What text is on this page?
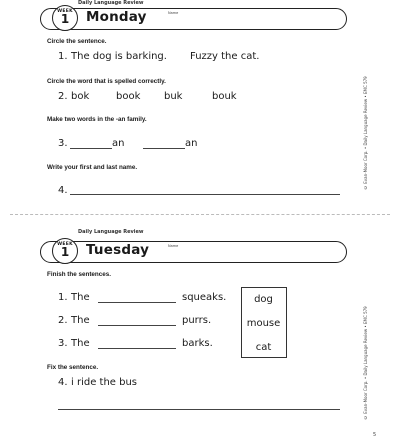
Daily Language Review
WEEK
1	Monday	Name
Circle the sentence.
1. The dog is barking. Fuzzy the cat.
Circle the word that is spelled correctly.
2. bok	book buk	bouk
Make two words in the -an family.
3.	an	an
Write your first and last name.
4.
© Evan-Moor Corp. • Daily Language Review • EMC 579
Daily Language Review
WEEK
1	Tuesday	Name
Finish the sentences.
1. The	squeaks.
2. The	purrs.
3. The	barks.
dog
mouse
cat
Fix the sentence.
4. i ride the bus	© Evan-Moor Corp. • Daily Language Review • EMC 579
5
